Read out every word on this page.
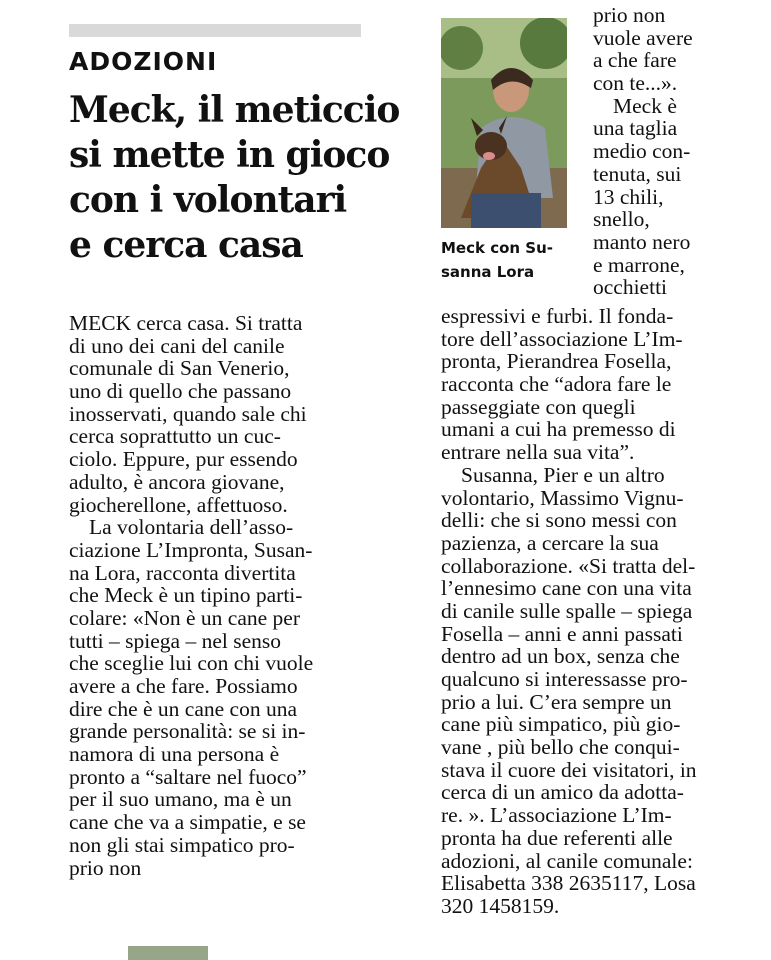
ADOZIONI
Meck, il meticcio
si mette in gioco
con i volontari
e cerca casa
MECK cerca casa. Si tratta
di uno dei cani del canile
comunale di San Venerio,
uno di quello che passano
inosservati, quando sale chi
cerca soprattutto un cuc-
ciolo. Eppure, pur essendo
adulto, è ancora giovane,
giocherellone, affettuoso.
La volontaria dell’asso-
ciazione L’Impronta, Susan-
na Lora, racconta divertita
che Meck è un tipino parti-
colare: «Non è un cane per
tutti – spiega – nel senso
che sceglie lui con chi vuole
avere a che fare. Possiamo
dire che è un cane con una
grande personalità: se si in-
namora di una persona è
pronto a “saltare nel fuoco”
per il suo umano, ma è un
cane che va a simpatie, e se
non gli stai simpatico pro-
prio non
Meck con Su-
sanna Lora
prio non
vuole avere
a che fare
con te...».
Meck è
una taglia
medio con-
tenuta, sui
13 chili,
snello,
manto nero
e marrone,
occhietti
espressivi e furbi. Il fonda-
tore dell’associazione L’Im-
pronta, Pierandrea Fosella,
racconta che “adora fare le
passeggiate con quegli
umani a cui ha premesso di
entrare nella sua vita”.
Susanna, Pier e un altro
volontario, Massimo Vignu-
delli: che si sono messi con
pazienza, a cercare la sua
collaborazione. «Si tratta del-
l’ennesimo cane con una vita
di canile sulle spalle – spiega
Fosella – anni e anni passati
dentro ad un box, senza che
qualcuno si interessasse pro-
prio a lui. C’era sempre un
cane più simpatico, più gio-
vane , più bello che conqui-
stava il cuore dei visitatori, in
cerca di un amico da adotta-
re. ». L’associazione L’Im-
pronta ha due referenti alle
adozioni, al canile comunale:
Elisabetta 338 2635117, Losa
320 1458159.
